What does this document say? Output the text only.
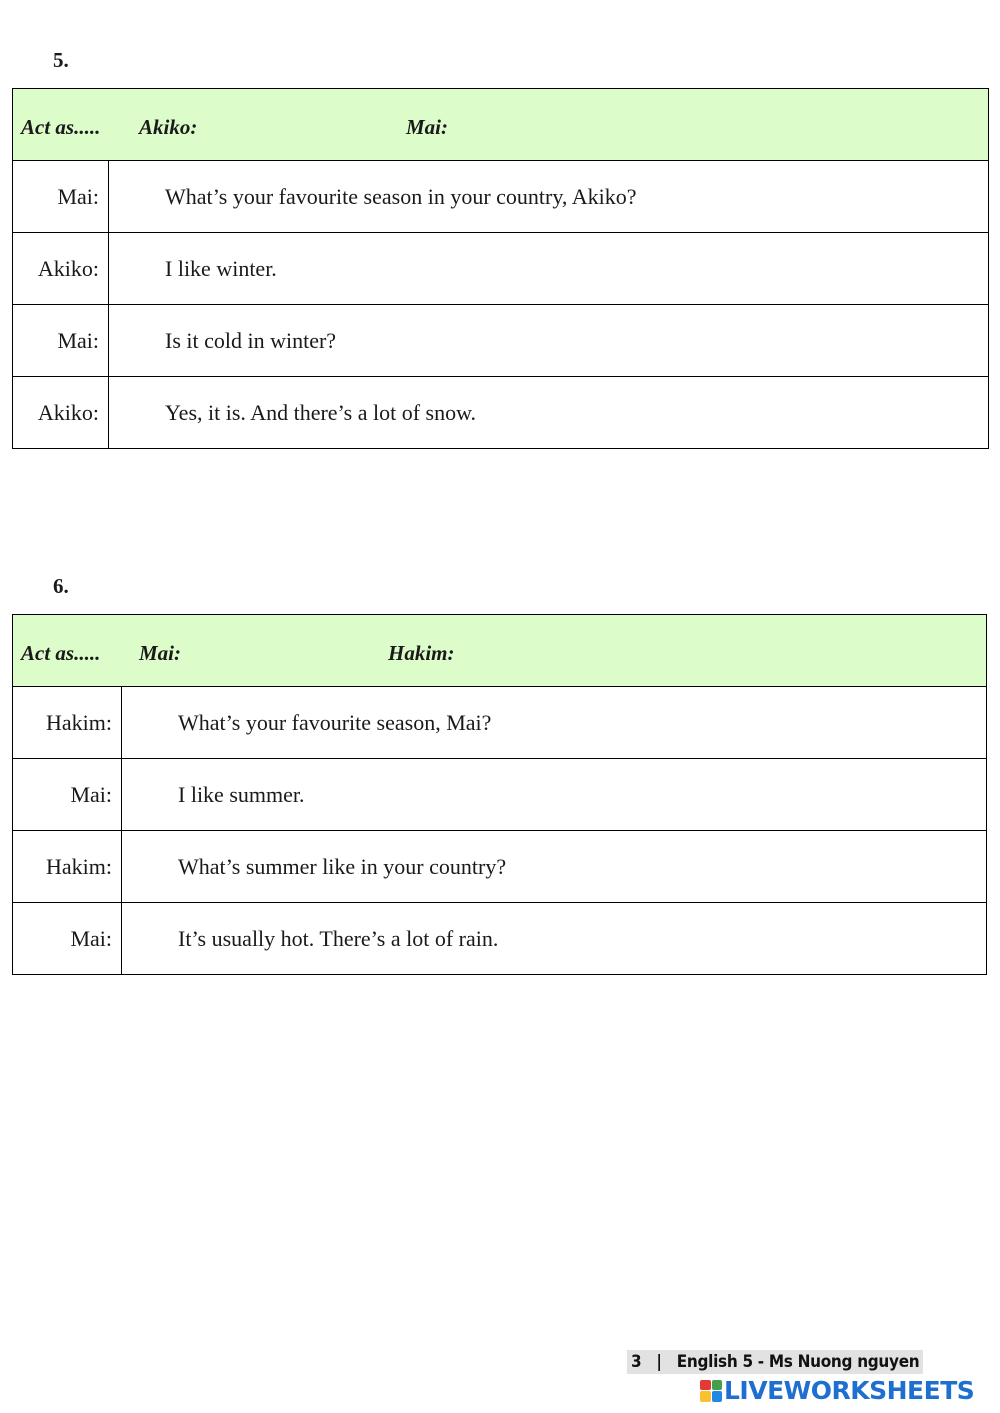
5.
Act as..... Akiko: Mai:	

Mai:	What’s your favourite season in your country, Akiko?
Akiko:	I like winter.
Mai:	Is it cold in winter?
Akiko:	Yes, it is. And there’s a lot of snow.
6.
Act as..... Mai: Hakim:	

Hakim:	What’s your favourite season, Mai?
Mai:	I like summer.
Hakim:	What’s summer like in your country?
Mai:	It’s usually hot. There’s a lot of rain.
3 | English 5 - Ms Nuong nguyen
LIVEWORKSHEETS
